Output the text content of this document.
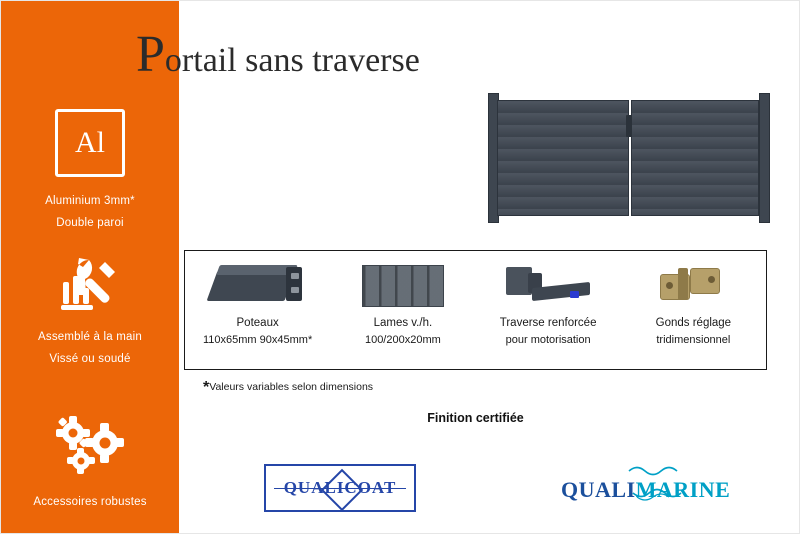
Al
Aluminium 3mm*
Double paroi
Assemblé à la main
Vissé ou soudé
Accessoires robustes
Portail sans traverse
Poteaux
110x65mm 90x45mm*
Lames v./h.
100/200x20mm
Traverse renforcée
pour motorisation
Gonds réglage
tridimensionnel
*Valeurs variables selon dimensions
Finition certifiée
QUALICOAT	QUALIMARINE
